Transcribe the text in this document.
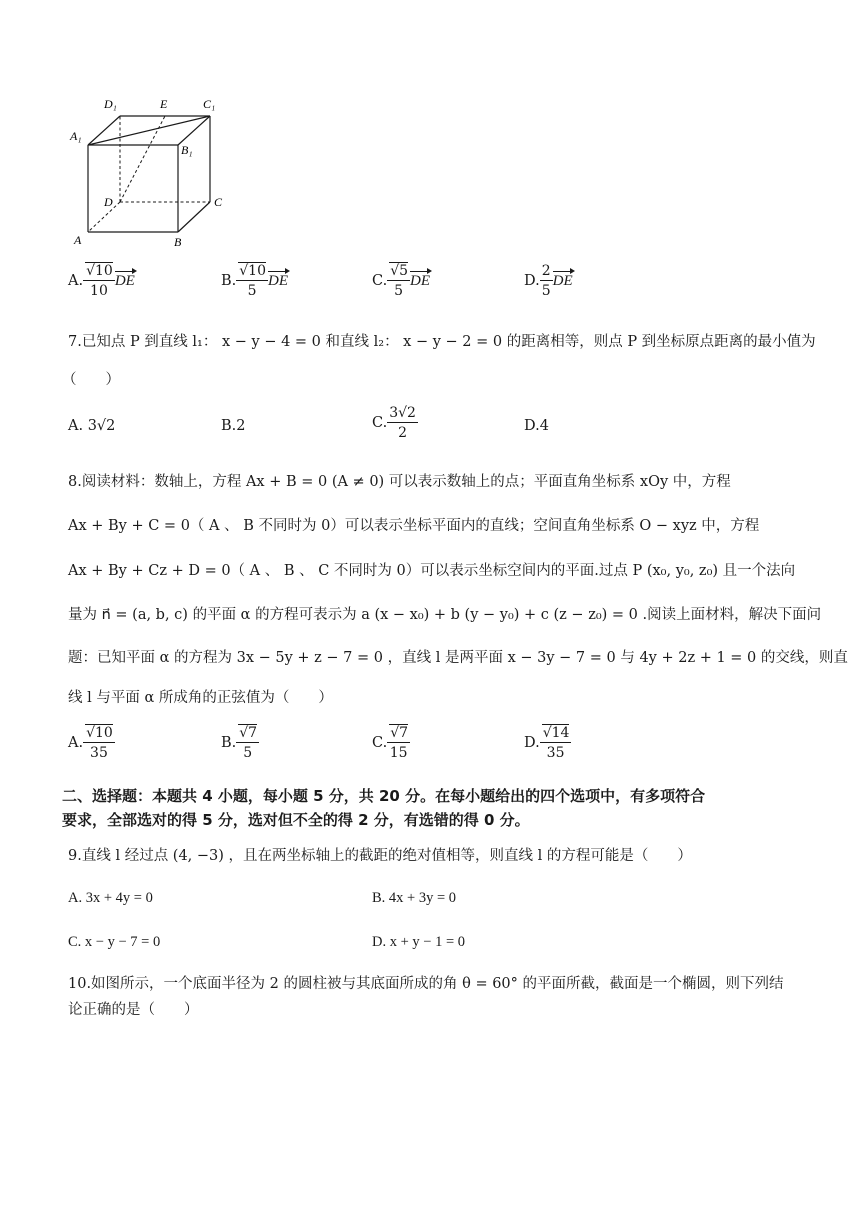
D₁	E	C₁
A₁
B₁
D	C
A	B
A. $\frac{√10}{10}$ DE	B. $\frac{√10}{5}$ DE	C. $\frac{√5}{5}$ DE	D. $\frac{2}{5}$ DE
7.已知点 P 到直线 l₁： x − y − 4 = 0 和直线 l₂： x − y − 2 = 0 的距离相等，则点 P 到坐标原点距离的最小值为
（　　）
A. 3√2	B.2	C. $\frac{3√2}{2}$	D.4
8.阅读材料：数轴上，方程 Ax + B = 0 (A ≠ 0) 可以表示数轴上的点；平面直角坐标系 xOy 中，方程
Ax + By + C = 0（ A 、 B 不同时为 0）可以表示坐标平面内的直线；空间直角坐标系 O − xyz 中，方程
Ax + By + Cz + D = 0（ A 、 B 、 C 不同时为 0）可以表示坐标空间内的平面.过点 P (x₀, y₀, z₀) 且一个法向
量为 n⃗ = (a, b, c) 的平面 α 的方程可表示为 a (x − x₀) + b (y − y₀) + c (z − z₀) = 0 .阅读上面材料，解决下面问
题：已知平面 α 的方程为 3x − 5y + z − 7 = 0 ，直线 l 是两平面 x − 3y − 7 = 0 与 4y + 2z + 1 = 0 的交线，则直
线 l 与平面 α 所成角的正弦值为（　　）
A. $\frac{√10}{35}$	B. $\frac{√7}{5}$	C. $\frac{√7}{15}$	D. $\frac{√14}{35}$
二、选择题：本题共 4 小题，每小题 5 分，共 20 分。在每小题给出的四个选项中，有多项符合
要求，全部选对的得 5 分，选对但不全的得 2 分，有选错的得 0 分。
9.直线 l 经过点 (4, −3) ，且在两坐标轴上的截距的绝对值相等，则直线 l 的方程可能是（　　）
A. 3x + 4y = 0	B. 4x + 3y = 0
C. x − y − 7 = 0	D. x + y − 1 = 0
10.如图所示，一个底面半径为 2 的圆柱被与其底面所成的角 θ = 60° 的平面所截，截面是一个椭圆，则下列结
论正确的是（　　）
